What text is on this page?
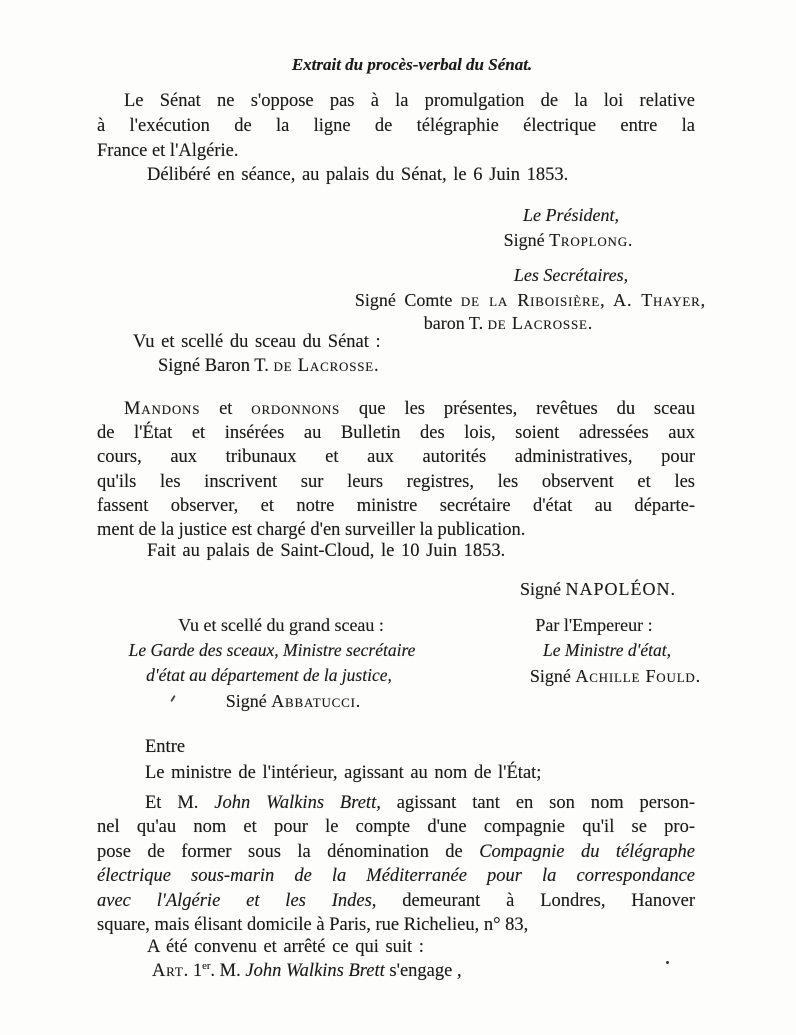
Extrait du procès-verbal du Sénat.
Le Sénat ne s'oppose pas à la promulgation de la loi relative
à l'exécution de la ligne de télégraphie électrique entre la
France et l'Algérie.
Délibéré en séance, au palais du Sénat, le 6 Juin 1853.
Le Président,
Signé Troplong.
Les Secrétaires,
Signé Comte de la Riboisière, A. Thayer,
baron T. de Lacrosse.
Vu et scellé du sceau du Sénat :
Signé Baron T. de Lacrosse.
Mandons et ordonnons que les présentes, revêtues du sceau
de l'État et insérées au Bulletin des lois, soient adressées aux
cours, aux tribunaux et aux autorités administratives, pour
qu'ils les inscrivent sur leurs registres, les observent et les
fassent observer, et notre ministre secrétaire d'état au départe-
ment de la justice est chargé d'en surveiller la publication.
Fait au palais de Saint-Cloud, le 10 Juin 1853.
Signé NAPOLÉON.
Vu et scellé du grand sceau :
Le Garde des sceaux, Ministre secrétaire
d'état au département de la justice,
Signé Abbatucci.
Par l'Empereur :
Le Ministre d'état,
Signé Achille Fould.
Entre
Le ministre de l'intérieur, agissant au nom de l'État;
Et M. John Walkins Brett, agissant tant en son nom person-
nel qu'au nom et pour le compte d'une compagnie qu'il se pro-
pose de former sous la dénomination de Compagnie du télégraphe
électrique sous-marin de la Méditerranée pour la correspondance
avec l'Algérie et les Indes, demeurant à Londres, Hanover
square, mais élisant domicile à Paris, rue Richelieu, n° 83,
A été convenu et arrêté ce qui suit :
Art. 1er. M. John Walkins Brett s'engage ,
